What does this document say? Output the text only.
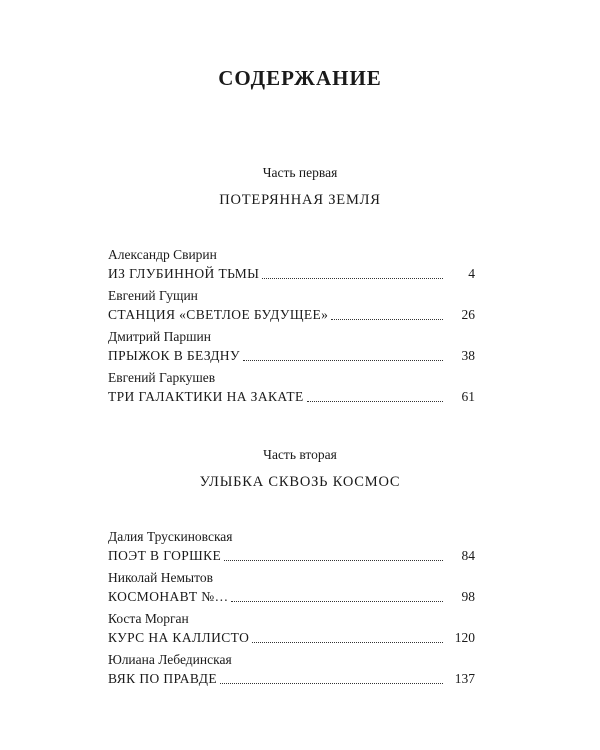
СОДЕРЖАНИЕ
Часть первая
ПОТЕРЯННАЯ ЗЕМЛЯ
Александр Свирин
ИЗ ГЛУБИННОЙ ТЬМЫ	4
Евгений Гущин
СТАНЦИЯ «СВЕТЛОЕ БУДУЩЕЕ»	26
Дмитрий Паршин
ПРЫЖОК В БЕЗДНУ	38
Евгений Гаркушев
ТРИ ГАЛАКТИКИ НА ЗАКАТЕ	61
Часть вторая
УЛЫБКА СКВОЗЬ КОСМОС
Далия Трускиновская
ПОЭТ В ГОРШКЕ	84
Николай Немытов
КОСМОНАВТ №…	98
Коста Морган
КУРС НА КАЛЛИСТО	120
Юлиана Лебединская
ВЯК ПО ПРАВДЕ	137
